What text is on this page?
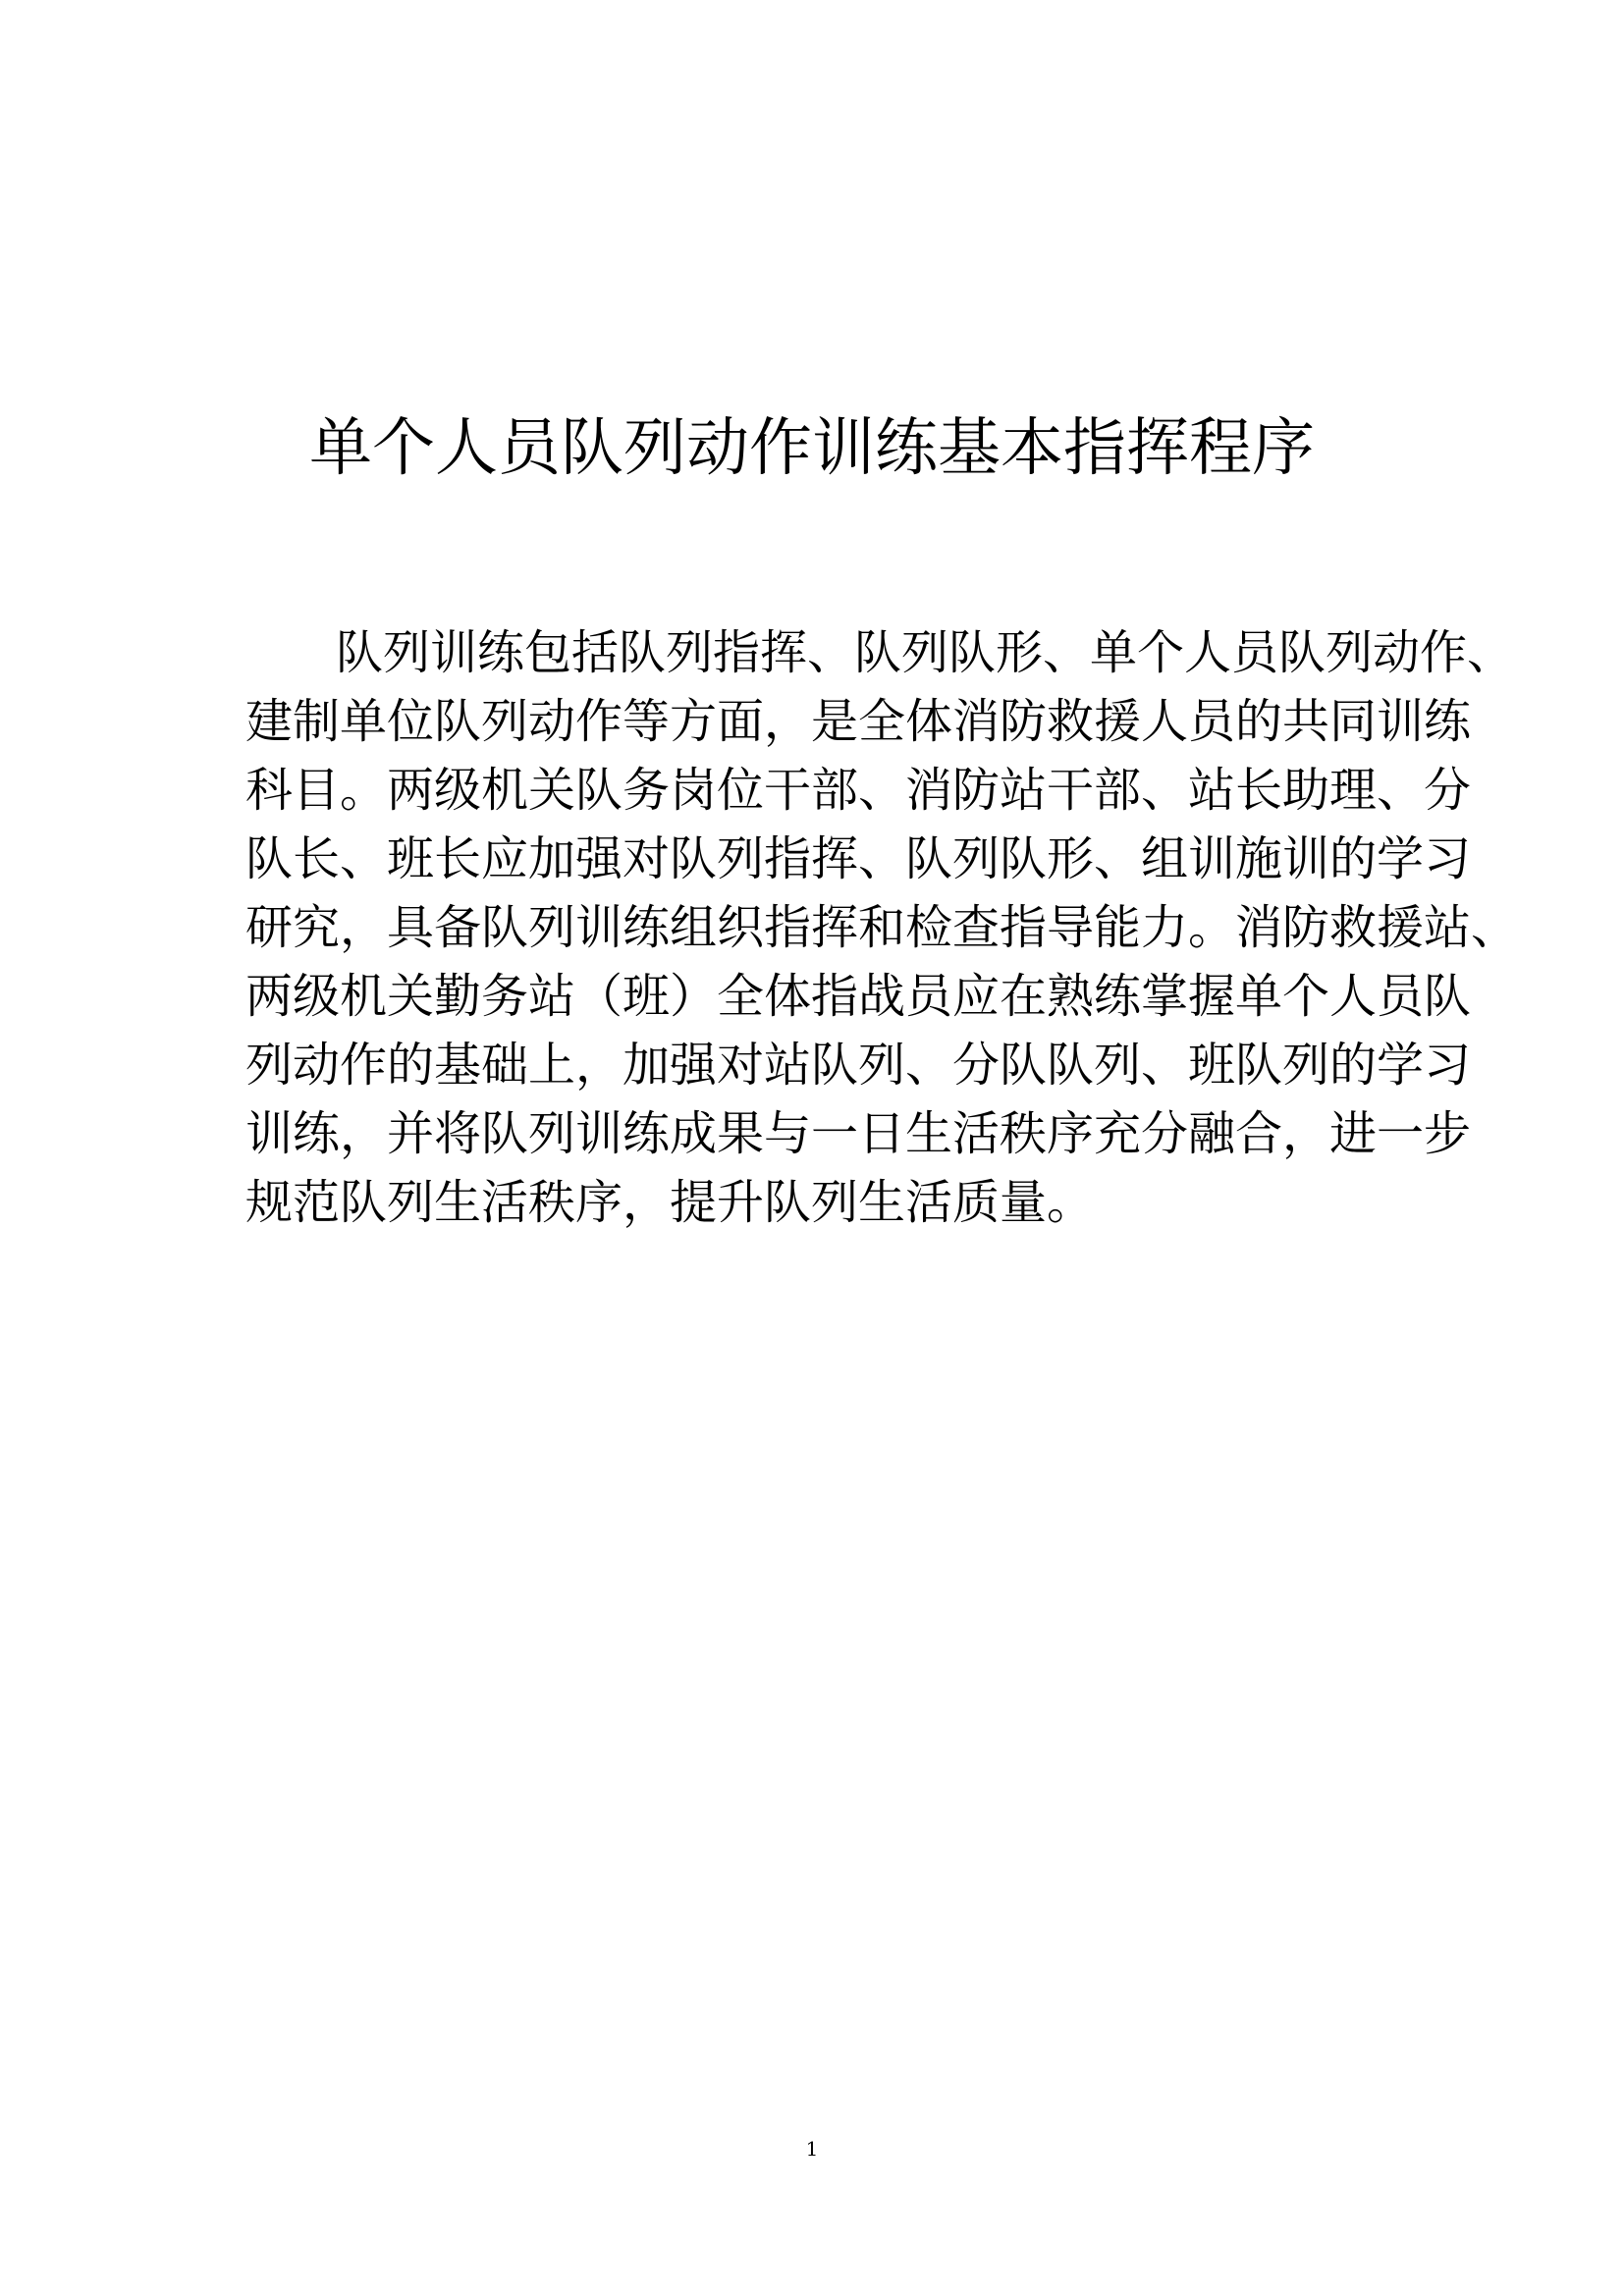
单个人员队列动作训练基本指挥程序
队列训练包括队列指挥、队列队形、单个人员队列动作、
建制单位队列动作等方面，是全体消防救援人员的共同训练
科目。两级机关队务岗位干部、消防站干部、站长助理、分
队长、班长应加强对队列指挥、队列队形、组训施训的学习
研究，具备队列训练组织指挥和检查指导能力。消防救援站、
两级机关勤务站（班）全体指战员应在熟练掌握单个人员队
列动作的基础上，加强对站队列、分队队列、班队列的学习
训练，并将队列训练成果与一日生活秩序充分融合，进一步
规范队列生活秩序，提升队列生活质量。
1
